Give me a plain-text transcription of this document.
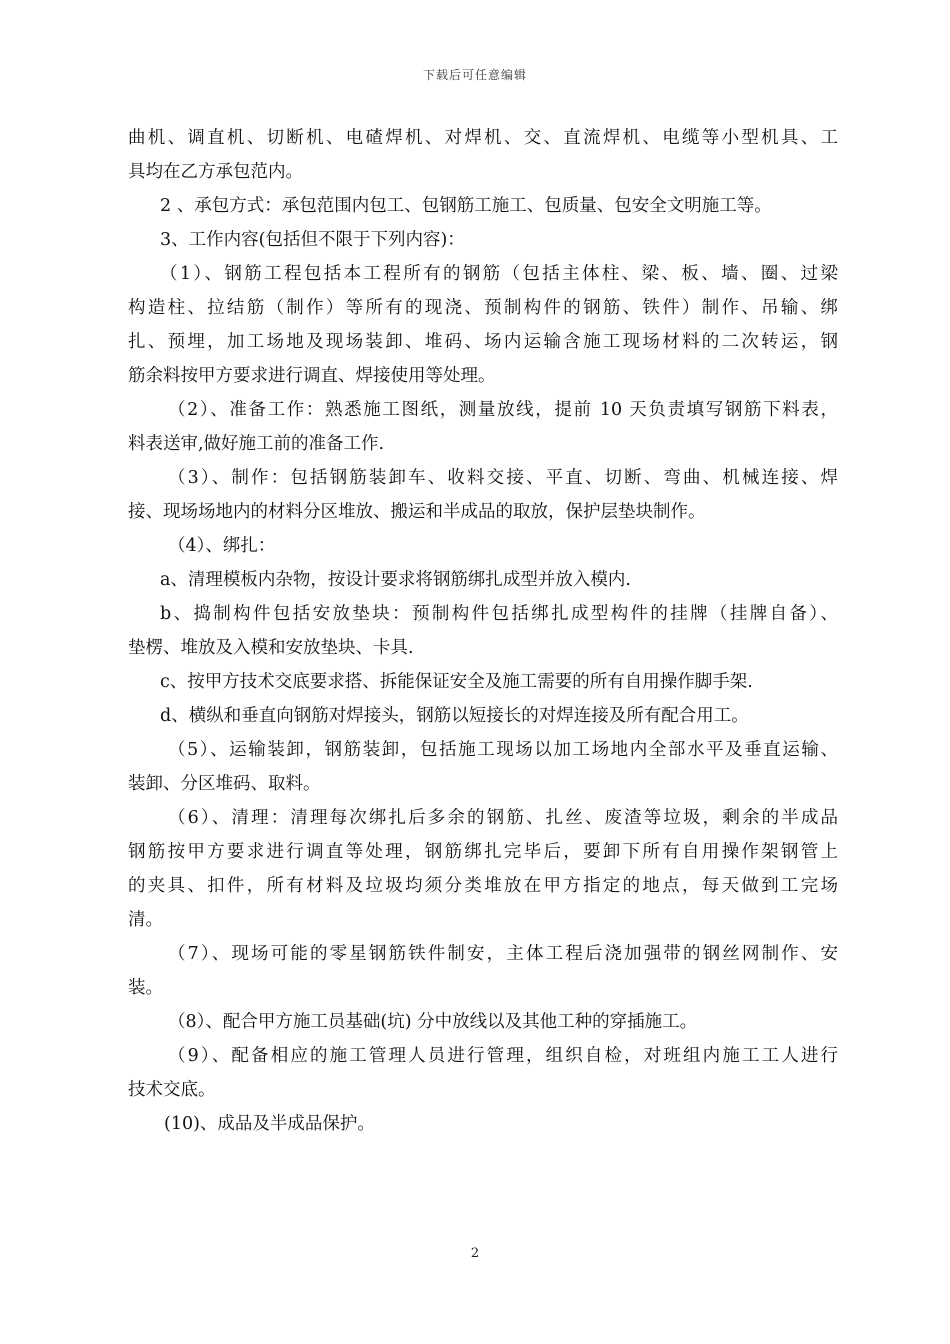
下载后可任意编辑
曲机、调直机、切断机、电碴焊机、对焊机、交、直流焊机、电缆等小型机具、工
具均在乙方承包范内。
2 、承包方式：承包范围内包工、包钢筋工施工、包质量、包安全文明施工等。
3、工作内容(包括但不限于下列内容)：
（1）、钢筋工程包括本工程所有的钢筋（包括主体柱、梁、板、墙、圈、过梁
构造柱、拉结筋（制作）等所有的现浇、预制构件的钢筋、铁件）制作、吊输、绑
扎、预埋，加工场地及现场装卸、堆码、场内运输含施工现场材料的二次转运，钢
筋余料按甲方要求进行调直、焊接使用等处理。
（2）、准备工作：熟悉施工图纸，测量放线，提前 10 天负责填写钢筋下料表，
料表送审,做好施工前的准备工作.
（3）、制作：包括钢筋装卸车、收料交接、平直、切断、弯曲、机械连接、焊
接、现场场地内的材料分区堆放、搬运和半成品的取放，保护层垫块制作。
（4）、绑扎：
a、清理模板内杂物，按设计要求将钢筋绑扎成型并放入模内.
b、捣制构件包括安放垫块：预制构件包括绑扎成型构件的挂牌（挂牌自备）、
垫楞、堆放及入模和安放垫块、卡具.
c、按甲方技术交底要求搭、拆能保证安全及施工需要的所有自用操作脚手架.
d、横纵和垂直向钢筋对焊接头，钢筋以短接长的对焊连接及所有配合用工。
（5）、运输装卸，钢筋装卸，包括施工现场以加工场地内全部水平及垂直运输、
装卸、分区堆码、取料。
（6）、清理：清理每次绑扎后多余的钢筋、扎丝、废渣等垃圾，剩余的半成品
钢筋按甲方要求进行调直等处理，钢筋绑扎完毕后，要卸下所有自用操作架钢管上
的夹具、扣件，所有材料及垃圾均须分类堆放在甲方指定的地点，每天做到工完场
清。
（7）、现场可能的零星钢筋铁件制安，主体工程后浇加强带的钢丝网制作、安
装。
（8）、配合甲方施工员基础(坑) 分中放线以及其他工种的穿插施工。
（9）、配备相应的施工管理人员进行管理，组织自检，对班组内施工工人进行
技术交底。
(10)、成品及半成品保护。
2
